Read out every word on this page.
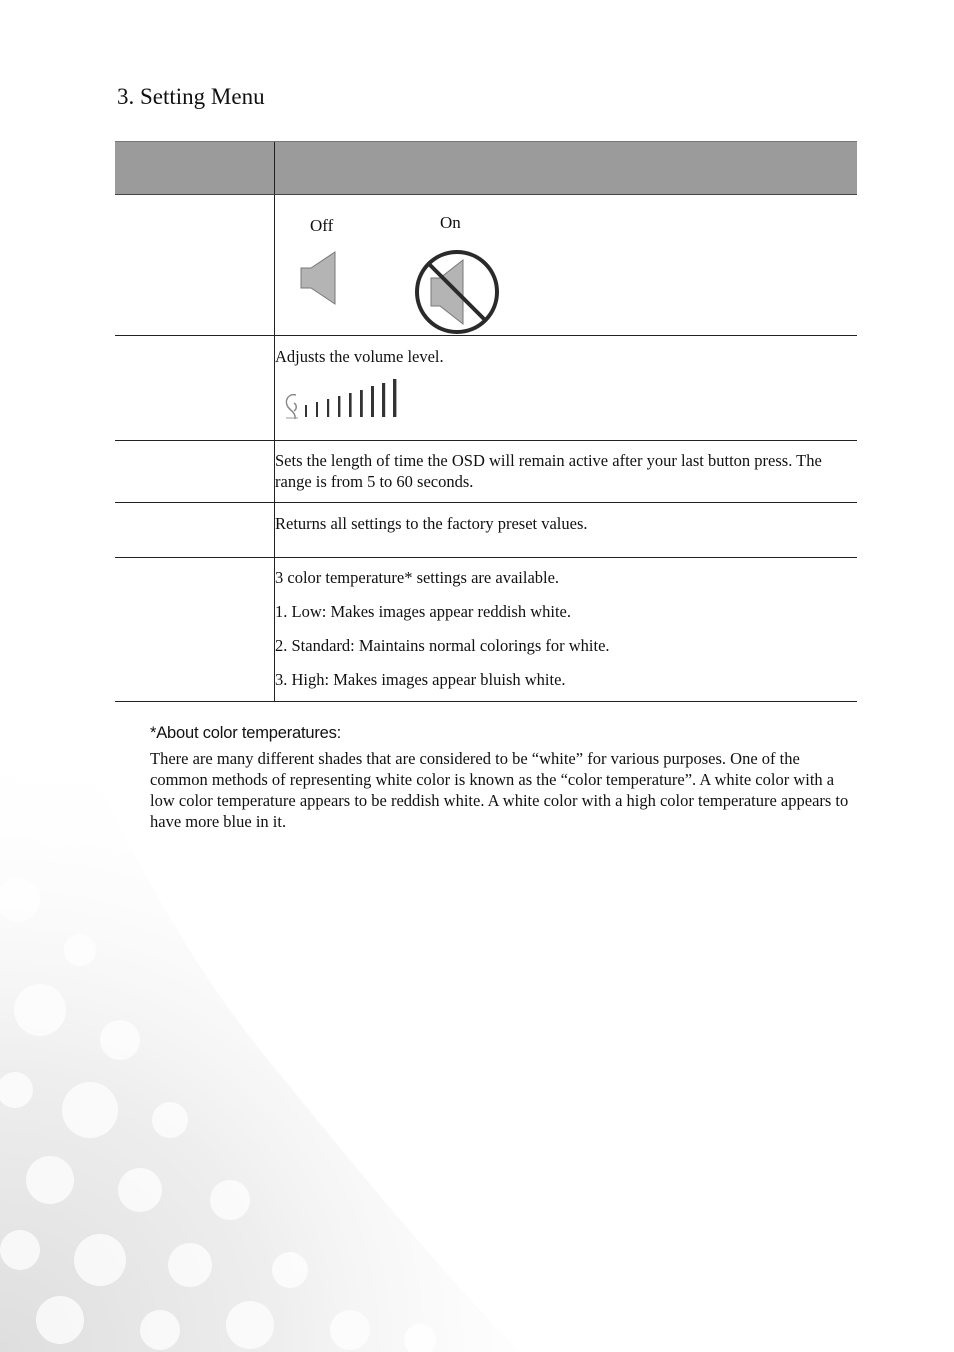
3. Setting Menu

	Off On

	Adjusts the volume level.

	Sets the length of time the OSD will remain active after your last button press. The range is from 5 to 60 seconds.

	Returns all settings to the factory preset values.

	3 color temperature* settings are available.

1. Low: Makes images appear reddish white.

2. Standard: Maintains normal colorings for white.

3. High: Makes images appear bluish white.

*About color temperatures:

There are many different shades that are considered to be “white” for various purposes. One of the common methods of representing white color is known as the “color temperature”. A white color with a low color temperature appears to be reddish white. A white color with a high color temperature appears to have more blue in it.
